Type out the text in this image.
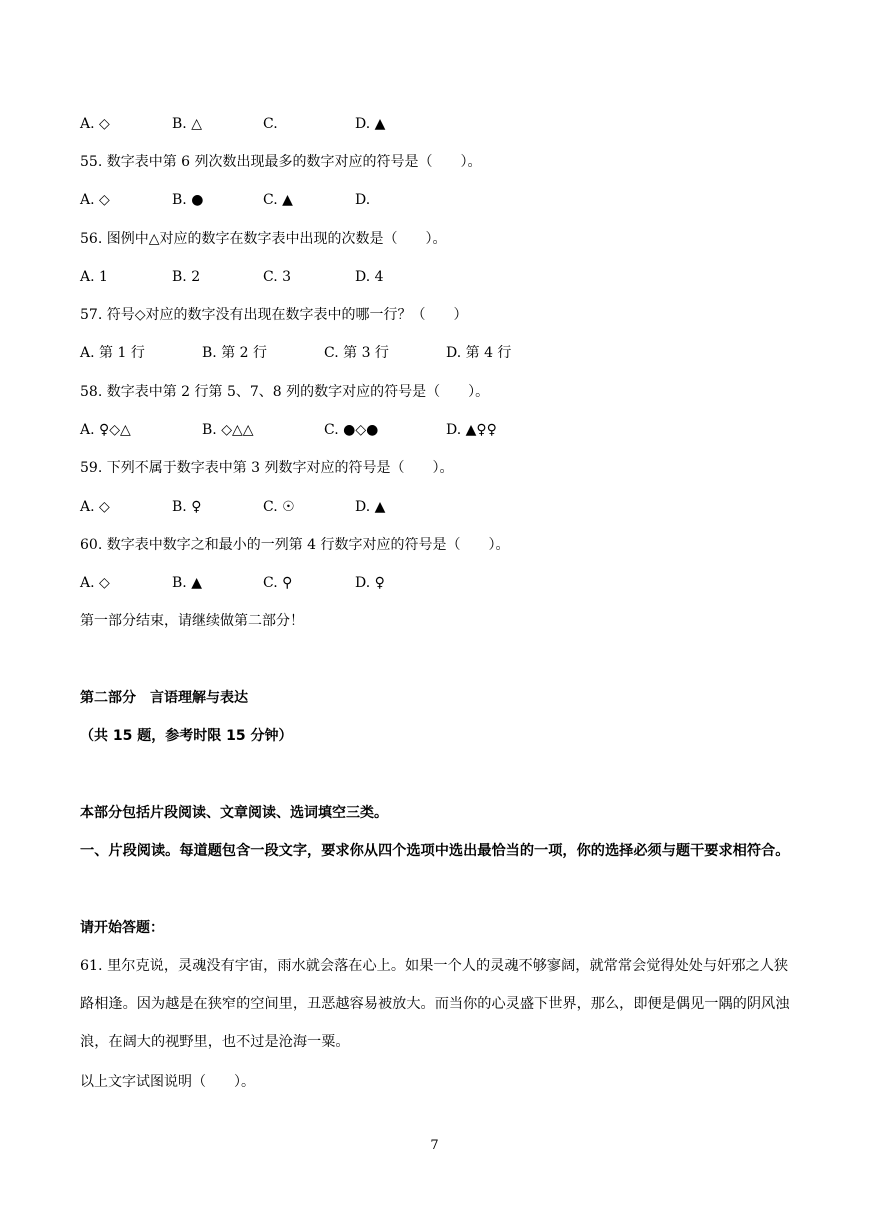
A. ◇	B. △	C.	D. ▲
55. 数字表中第 6 列次数出现最多的数字对应的符号是（　　）。
A. ◇	B. ●	C. ▲	D.
56. 图例中△对应的数字在数字表中出现的次数是（　　）。
A. 1	B. 2	C. 3	D. 4
57. 符号◇对应的数字没有出现在数字表中的哪一行？（　　）
A. 第 1 行	B. 第 2 行	C. 第 3 行	D. 第 4 行
58. 数字表中第 2 行第 5、7、8 列的数字对应的符号是（　　）。
A. ♀◇△	B. ◇△△	C. ●◇●	D. ▲♀♀
59. 下列不属于数字表中第 3 列数字对应的符号是（　　）。
A. ◇	B. ♀	C. ☉	D. ▲
60. 数字表中数字之和最小的一列第 4 行数字对应的符号是（　　）。
A. ◇	B. ▲	C. ⚲	D. ♀
第一部分结束，请继续做第二部分！
第二部分　言语理解与表达
（共 15 题，参考时限 15 分钟）
本部分包括片段阅读、文章阅读、选词填空三类。
一、片段阅读。每道题包含一段文字，要求你从四个选项中选出最恰当的一项，你的选择必须与题干要求相符合。
请开始答题：
61. 里尔克说，灵魂没有宇宙，雨水就会落在心上。如果一个人的灵魂不够寥阔，就常常会觉得处处与奸邪之人狭路相逢。因为越是在狭窄的空间里，丑恶越容易被放大。而当你的心灵盛下世界，那么，即便是偶见一隅的阴风浊浪，在阔大的视野里，也不过是沧海一粟。
以上文字试图说明（　　）。
7
